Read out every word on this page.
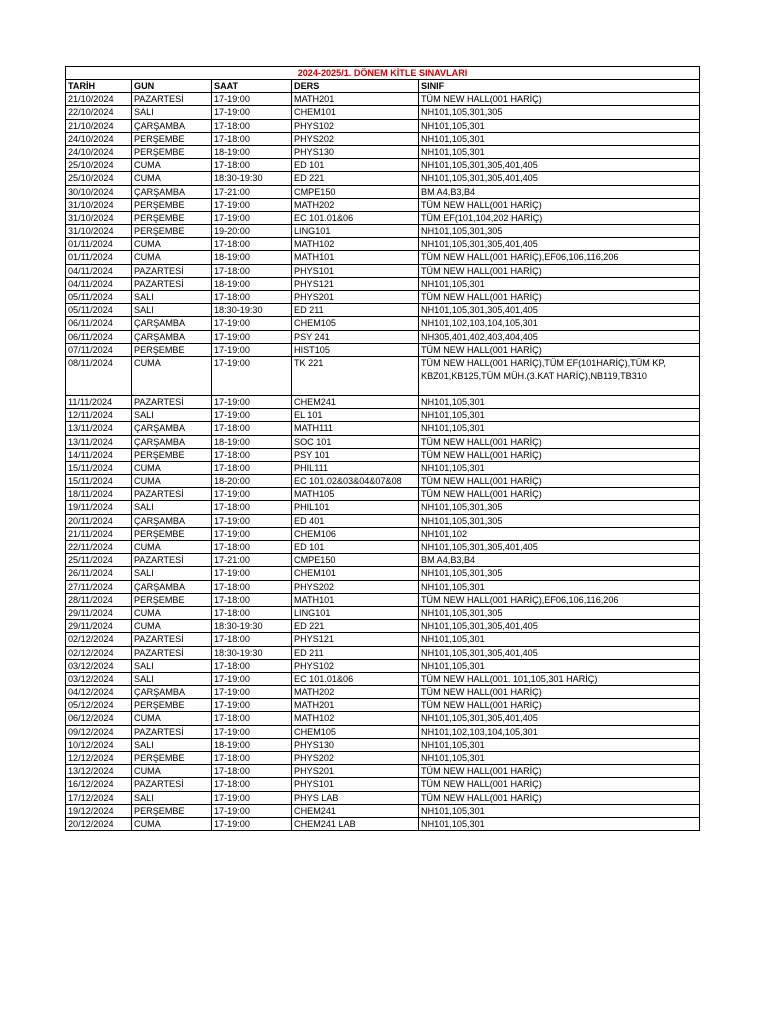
2024-2025/1. DÖNEM KİTLE SINAVLARI				
TARİH	GUN	SAAT	DERS	SINIF
21/10/2024	PAZARTESİ	17-19:00	MATH201	TÜM NEW HALL(001 HARİÇ)
22/10/2024	SALI	17-19:00	CHEM101	NH101,105,301,305
21/10/2024	ÇARŞAMBA	17-18:00	PHYS102	NH101,105,301
24/10/2024	PERŞEMBE	17-18:00	PHYS202	NH101,105,301
24/10/2024	PERŞEMBE	18-19:00	PHYS130	NH101,105,301
25/10/2024	CUMA	17-18:00	ED 101	NH101,105,301,305,401,405
25/10/2024	CUMA	18:30-19:30	ED 221	NH101,105,301,305,401,405
30/10/2024	ÇARŞAMBA	17-21:00	CMPE150	BM A4,B3,B4
31/10/2024	PERŞEMBE	17-19:00	MATH202	TÜM NEW HALL(001 HARİÇ)
31/10/2024	PERŞEMBE	17-19:00	EC 101.01&06	TÜM EF(101,104,202 HARİÇ)
31/10/2024	PERŞEMBE	19-20:00	LING101	NH101,105,301,305
01/11/2024	CUMA	17-18:00	MATH102	NH101,105,301,305,401,405
01/11/2024	CUMA	18-19:00	MATH101	TÜM NEW HALL(001 HARİÇ),EF06,106,116,206
04/11/2024	PAZARTESİ	17-18:00	PHYS101	TÜM NEW HALL(001 HARİÇ)
04/11/2024	PAZARTESİ	18-19:00	PHYS121	NH101,105,301
05/11/2024	SALI	17-18:00	PHYS201	TÜM NEW HALL(001 HARİÇ)
05/11/2024	SALI	18:30-19:30	ED 211	NH101,105,301,305,401,405
06/11/2024	ÇARŞAMBA	17-19:00	CHEM105	NH101,102,103,104,105,301
06/11/2024	ÇARŞAMBA	17-19:00	PSY 241	NH305,401,402,403,404,405
07/11/2024	PERŞEMBE	17-19:00	HIST105	TÜM NEW HALL(001 HARİÇ)
08/11/2024	CUMA	17-19:00	TK 221	TÜM NEW HALL(001 HARİÇ),TÜM EF(101HARİÇ),TÜM KP, KBZ01,KB125,TÜM MÜH.(3.KAT HARİÇ),NB119,TB310
11/11/2024	PAZARTESİ	17-19:00	CHEM241	NH101,105,301
12/11/2024	SALI	17-19:00	EL 101	NH101,105,301
13/11/2024	ÇARŞAMBA	17-18:00	MATH111	NH101,105,301
13/11/2024	ÇARŞAMBA	18-19:00	SOC 101	TÜM NEW HALL(001 HARİÇ)
14/11/2024	PERŞEMBE	17-18:00	PSY 101	TÜM NEW HALL(001 HARİÇ)
15/11/2024	CUMA	17-18:00	PHIL111	NH101,105,301
15/11/2024	CUMA	18-20:00	EC 101.02&03&04&07&08	TÜM NEW HALL(001 HARİÇ)
18/11/2024	PAZARTESİ	17-19:00	MATH105	TÜM NEW HALL(001 HARİÇ)
19/11/2024	SALI	17-18:00	PHIL101	NH101,105,301,305
20/11/2024	ÇARŞAMBA	17-19:00	ED 401	NH101,105,301,305
21/11/2024	PERŞEMBE	17-19:00	CHEM106	NH101,102
22/11/2024	CUMA	17-18:00	ED 101	NH101,105,301,305,401,405
25/11/2024	PAZARTESİ	17-21:00	CMPE150	BM A4,B3,B4
26/11/2024	SALI	17-19:00	CHEM101	NH101,105,301,305
27/11/2024	ÇARŞAMBA	17-18:00	PHYS202	NH101,105,301
28/11/2024	PERŞEMBE	17-18:00	MATH101	TÜM NEW HALL(001 HARİÇ),EF06,106,116,206
29/11/2024	CUMA	17-18:00	LING101	NH101,105,301,305
29/11/2024	CUMA	18:30-19:30	ED 221	NH101,105,301,305,401,405
02/12/2024	PAZARTESİ	17-18:00	PHYS121	NH101,105,301
02/12/2024	PAZARTESİ	18:30-19:30	ED 211	NH101,105,301,305,401,405
03/12/2024	SALI	17-18:00	PHYS102	NH101,105,301
03/12/2024	SALI	17-19:00	EC 101.01&06	TÜM NEW HALL(001. 101,105,301 HARİÇ)
04/12/2024	ÇARŞAMBA	17-19:00	MATH202	TÜM NEW HALL(001 HARİÇ)
05/12/2024	PERŞEMBE	17-19:00	MATH201	TÜM NEW HALL(001 HARİÇ)
06/12/2024	CUMA	17-18:00	MATH102	NH101,105,301,305,401,405
09/12/2024	PAZARTESİ	17-19:00	CHEM105	NH101,102,103,104,105,301
10/12/2024	SALI	18-19:00	PHYS130	NH101,105,301
12/12/2024	PERŞEMBE	17-18:00	PHYS202	NH101,105,301
13/12/2024	CUMA	17-18:00	PHYS201	TÜM NEW HALL(001 HARİÇ)
16/12/2024	PAZARTESİ	17-18:00	PHYS101	TÜM NEW HALL(001 HARİÇ)
17/12/2024	SALI	17-19:00	PHYS LAB	TÜM NEW HALL(001 HARİÇ)
19/12/2024	PERŞEMBE	17-19:00	CHEM241	NH101,105,301
20/12/2024	CUMA	17-19:00	CHEM241 LAB	NH101,105,301
